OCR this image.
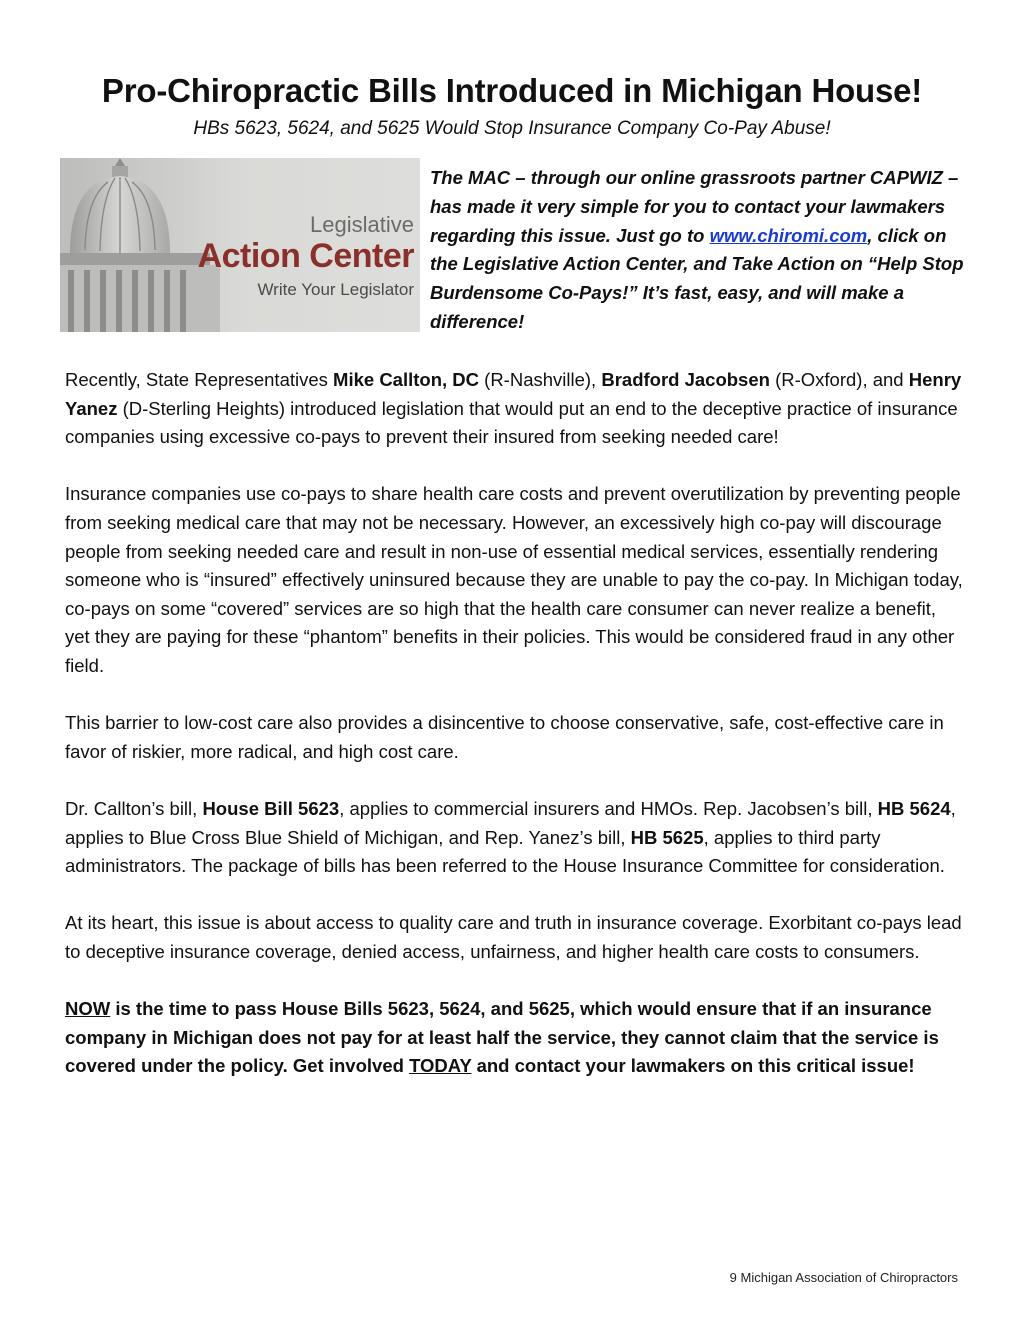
Pro-Chiropractic Bills Introduced in Michigan House!
HBs 5623, 5624, and 5625 Would Stop Insurance Company Co-Pay Abuse!
Legislative
Action Center
Write Your Legislator
The MAC – through our online grassroots partner CAPWIZ – has made it very simple for you to contact your lawmakers regarding this issue. Just go to www.chiromi.com, click on the Legislative Action Center, and Take Action on “Help Stop Burdensome Co-Pays!” It’s fast, easy, and will make a difference!

Recently, State Representatives Mike Callton, DC (R-Nashville), Bradford Jacobsen (R-Oxford), and Henry Yanez (D-Sterling Heights) introduced legislation that would put an end to the deceptive practice of insurance companies using excessive co-pays to prevent their insured from seeking needed care!

Insurance companies use co-pays to share health care costs and prevent overutilization by preventing people from seeking medical care that may not be necessary. However, an excessively high co-pay will discourage people from seeking needed care and result in non-use of essential medical services, essentially rendering someone who is “insured” effectively uninsured because they are unable to pay the co-pay. In Michigan today, co-pays on some “covered” services are so high that the health care consumer can never realize a benefit, yet they are paying for these “phantom” benefits in their policies. This would be considered fraud in any other field.

This barrier to low-cost care also provides a disincentive to choose conservative, safe, cost-effective care in favor of riskier, more radical, and high cost care.

Dr. Callton’s bill, House Bill 5623, applies to commercial insurers and HMOs. Rep. Jacobsen’s bill, HB 5624, applies to Blue Cross Blue Shield of Michigan, and Rep. Yanez’s bill, HB 5625, applies to third party administrators. The package of bills has been referred to the House Insurance Committee for consideration.

At its heart, this issue is about access to quality care and truth in insurance coverage. Exorbitant co-pays lead to deceptive insurance coverage, denied access, unfairness, and higher health care costs to consumers.

NOW is the time to pass House Bills 5623, 5624, and 5625, which would ensure that if an insurance company in Michigan does not pay for at least half the service, they cannot claim that the service is covered under the policy. Get involved TODAY and contact your lawmakers on this critical issue!

9 Michigan Association of Chiropractors
